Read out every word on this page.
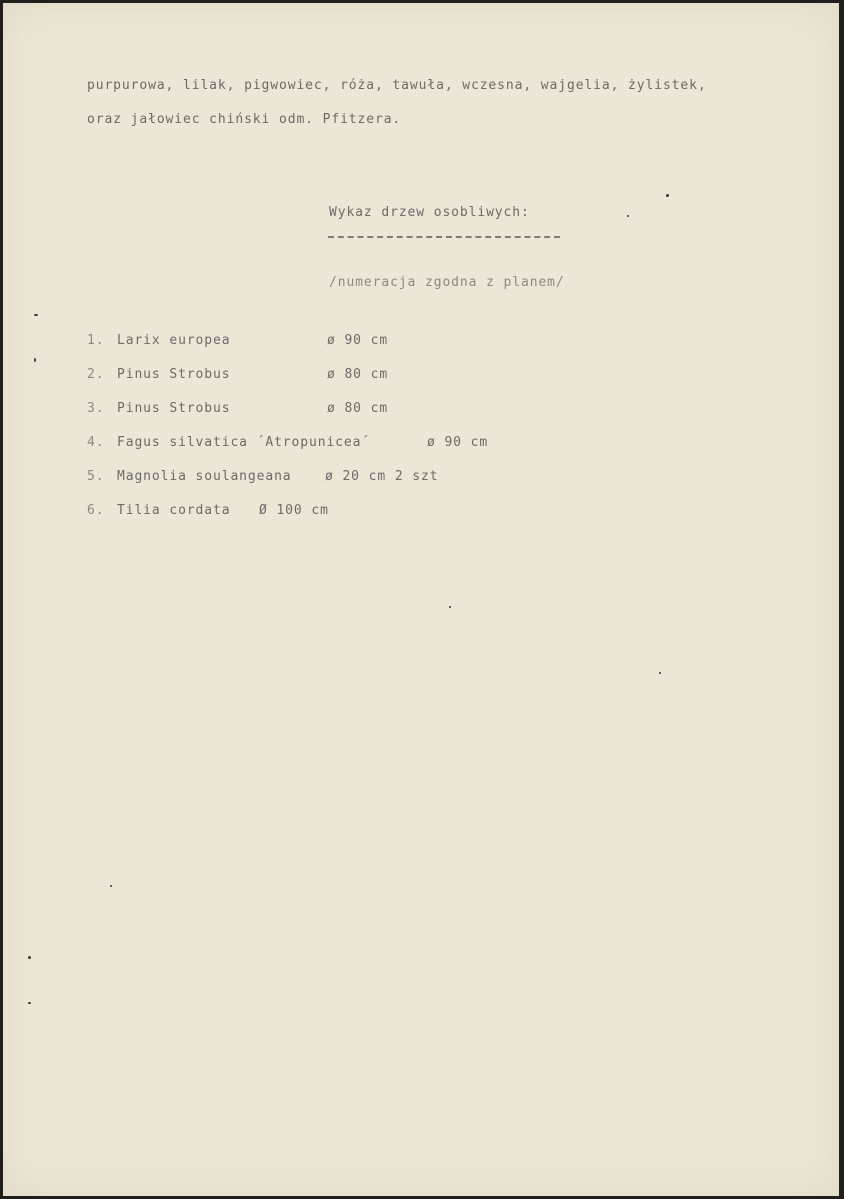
purpurowa, lilak, pigwowiec, róża, tawuła, wczesna, wajgelia, żylistek,
oraz jałowiec chiński odm. Pfitzera.
Wykaz drzew osobliwych:
/numeracja zgodna z planem/
1. Larix europea	ø 90 cm
2. Pinus Strobus	ø 80 cm
3. Pinus Strobus	ø 80 cm
4. Fagus silvatica ´Atropunicea´	ø 90 cm
5. Magnolia soulangeana	ø 20 cm 2 szt
6. Tilia cordata Ø 100 cm
